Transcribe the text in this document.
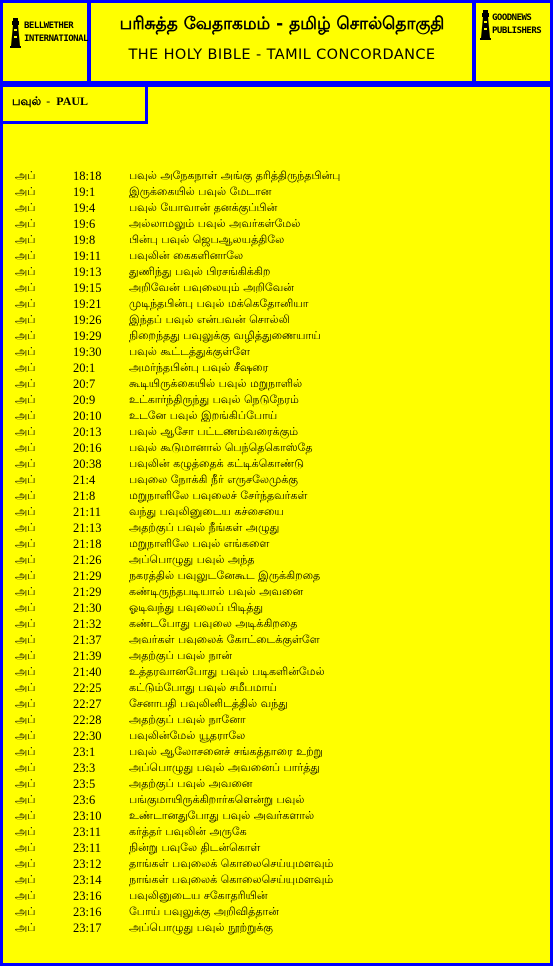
BELLWETHER
INTERNATIONAL
பரிசுத்த வேதாகமம் - தமிழ் சொல்தொகுதி
THE HOLY BIBLE - TAMIL CONCORDANCE
GOODNEWS
PUBLISHERS
பவுல் - PAUL
அப்	18:18	பவுல் அநேகநாள் அங்கு தரித்திருந்தபின்பு
அப்	19:1	இருக்கையில் பவுல் மேடான
அப்	19:4	பவுல் யோவான் தனக்குப்பின்
அப்	19:6	அல்லாமலும் பவுல் அவர்கள்மேல்
அப்	19:8	பின்பு பவுல் ஜெபஆலயத்திலே
அப்	19:11	பவுலின் கைகளினாலே
அப்	19:13	துணிந்து பவுல் பிரசங்கிக்கிற
அப்	19:15	அறிவேன் பவுலையும் அறிவேன்
அப்	19:21	முடிந்தபின்பு பவுல் மக்கெதோனியா
அப்	19:26	இந்தப் பவுல் என்பவன் சொல்லி
அப்	19:29	நிறைந்தது பவுலுக்கு வழித்துணையாய்
அப்	19:30	பவுல் கூட்டத்துக்குள்ளே
அப்	20:1	அமர்ந்தபின்பு பவுல் சீஷரை
அப்	20:7	கூடியிருக்கையில் பவுல் மறுநாளில்
அப்	20:9	உட்கார்ந்திருந்து பவுல் நெடுநேரம்
அப்	20:10	உடனே பவுல் இறங்கிப்போய்
அப்	20:13	பவுல் ஆசோ பட்டணம்வரைக்கும்
அப்	20:16	பவுல் கூடுமானால் பெந்தெகொஸ்தே
அப்	20:38	பவுலின் கழுத்தைக் கட்டிக்கொண்டு
அப்	21:4	பவுலை நோக்கி நீர் எருசலேமுக்கு
அப்	21:8	மறுநாளிலே பவுலைச் சேர்ந்தவர்கள்
அப்	21:11	வந்து பவுலினுடைய கச்சையை
அப்	21:13	அதற்குப் பவுல் நீங்கள் அழுது
அப்	21:18	மறுநாளிலே பவுல் எங்களை
அப்	21:26	அப்பொழுது பவுல் அந்த
அப்	21:29	நகரத்தில் பவுலுடனேகூட இருக்கிறதை
அப்	21:29	கண்டிருந்தபடியால் பவுல் அவனை
அப்	21:30	ஓடிவந்து பவுலைப் பிடித்து
அப்	21:32	கண்டபோது பவுலை அடிக்கிறதை
அப்	21:37	அவர்கள் பவுலைக் கோட்டைக்குள்ளே
அப்	21:39	அதற்குப் பவுல் நான்
அப்	21:40	உத்தரவானபோது பவுல் படிகளின்மேல்
அப்	22:25	கட்டும்போது பவுல் சமீபமாய்
அப்	22:27	சேனாபதி பவுலினிடத்தில் வந்து
அப்	22:28	அதற்குப் பவுல் நானோ
அப்	22:30	பவுலின்மேல் யூதராலே
அப்	23:1	பவுல் ஆலோசனைச் சங்கத்தாரை உற்று
அப்	23:3	அப்பொழுது பவுல் அவனைப் பார்த்து
அப்	23:5	அதற்குப் பவுல் அவனை
அப்	23:6	பங்குமாயிருக்கிறார்களென்று பவுல்
அப்	23:10	உண்டானதுபோது பவுல் அவர்களால்
அப்	23:11	கர்த்தர் பவுலின் அருகே
அப்	23:11	நின்று பவுலே திடன்கொள்
அப்	23:12	தாங்கள் பவுலைக் கொலைசெய்யுமளவும்
அப்	23:14	நாங்கள் பவுலைக் கொலைசெய்யுமளவும்
அப்	23:16	பவுலினுடைய சகோதரியின்
அப்	23:16	போய் பவுலுக்கு அறிவித்தான்
அப்	23:17	அப்பொழுது பவுல் நூற்றுக்கு
